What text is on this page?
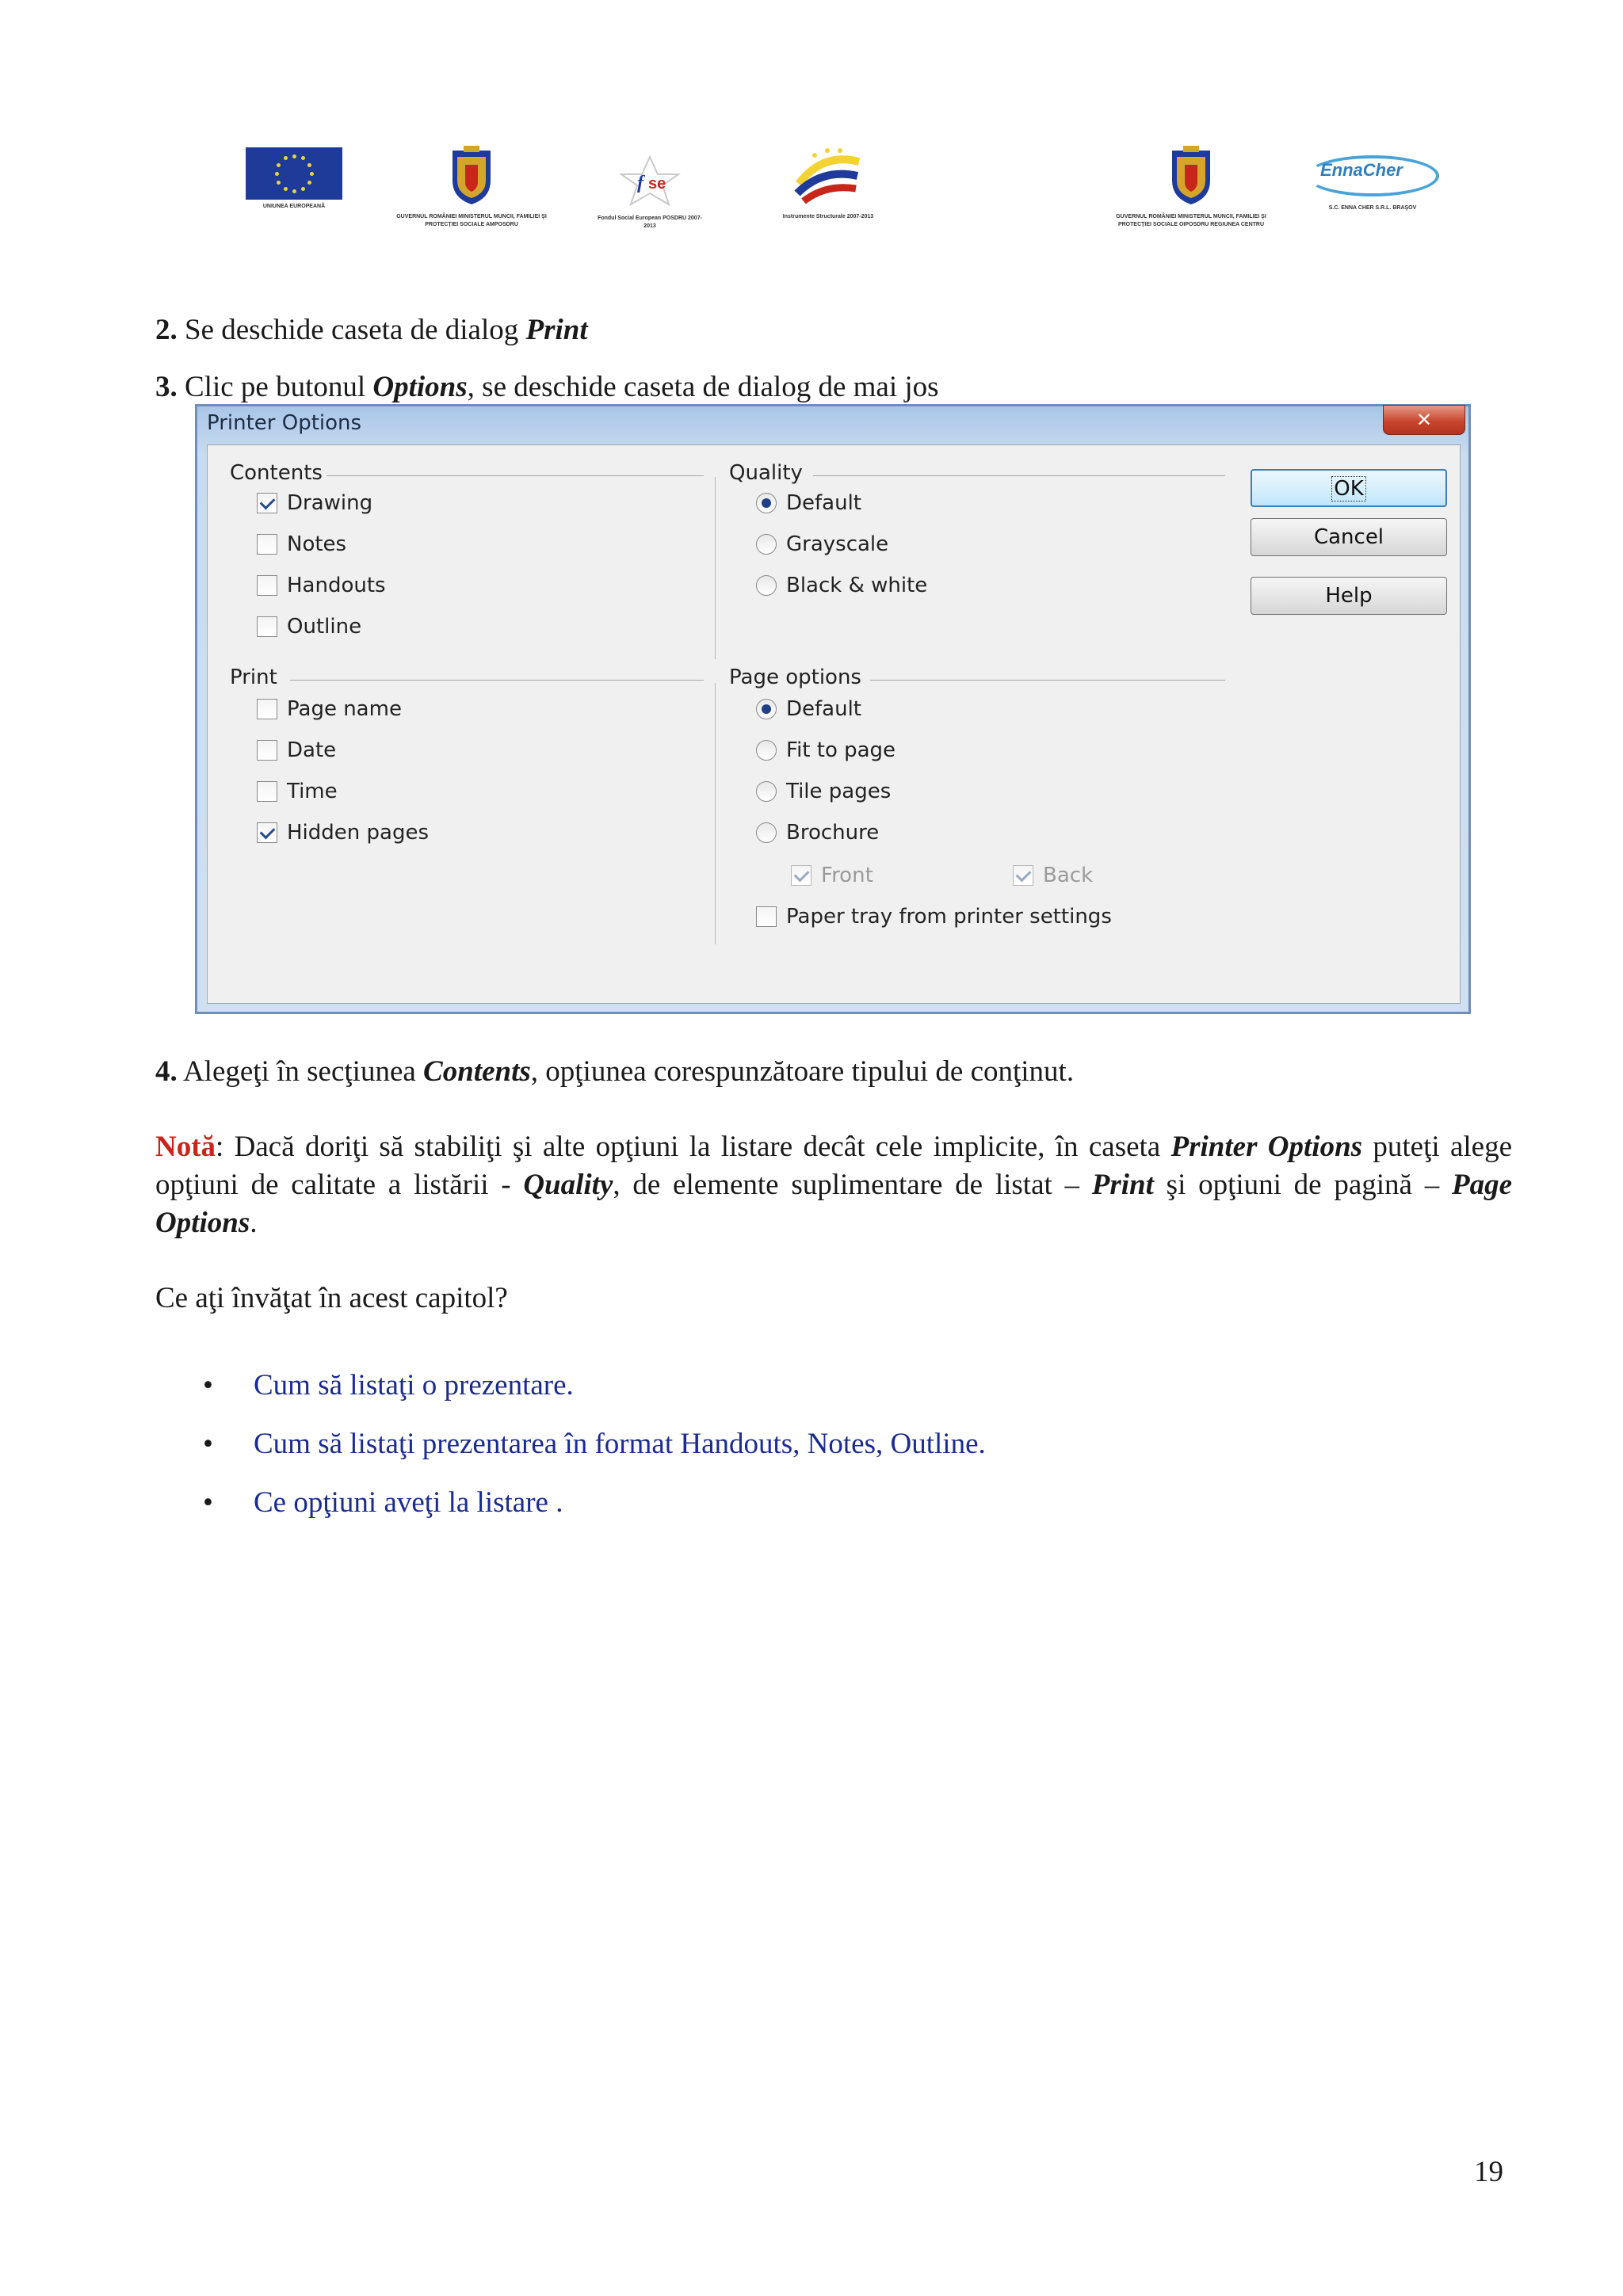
UNIUNEA EUROPEANĂ
GUVERNUL ROMÂNIEI MINISTERUL MUNCII, FAMILIEI ŞI PROTECŢIEI SOCIALE AMPOSDRU
f se
Fondul Social European POSDRU 2007-2013
Instrumente Structurale 2007-2013	GUVERNUL ROMÂNIEI MINISTERUL MUNCII, FAMILIEI ŞI PROTECŢIEI SOCIALE OIPOSDRU REGIUNEA CENTRU
EnnaCher
S.C. ENNA CHER S.R.L. BRAŞOV
2. Se deschide caseta de dialog Print
3. Clic pe butonul Options, se deschide caseta de dialog de mai jos
Printer Options	✕
Contents
Drawing
Notes
Handouts
Outline
Quality
Default
Grayscale
Black & white
Print
Page name
Date
Time
Hidden pages
Page options
Default
Fit to page
Tile pages
Brochure
Front	Back
Paper tray from printer settings
OK
Cancel
Help
4. Alegeţi în secţiunea Contents, opţiunea corespunzătoare tipului de conţinut.
Notă: Dacă doriţi să stabiliţi şi alte opţiuni la listare decât cele implicite, în caseta Printer Options puteţi alege opţiuni de calitate a listării - Quality, de elemente suplimentare de listat – Print şi opţiuni de pagină – Page Options.
Ce aţi învăţat în acest capitol?
• Cum să listaţi o prezentare.
• Cum să listaţi prezentarea în format Handouts, Notes, Outline.
• Ce opţiuni aveţi la listare .
19
